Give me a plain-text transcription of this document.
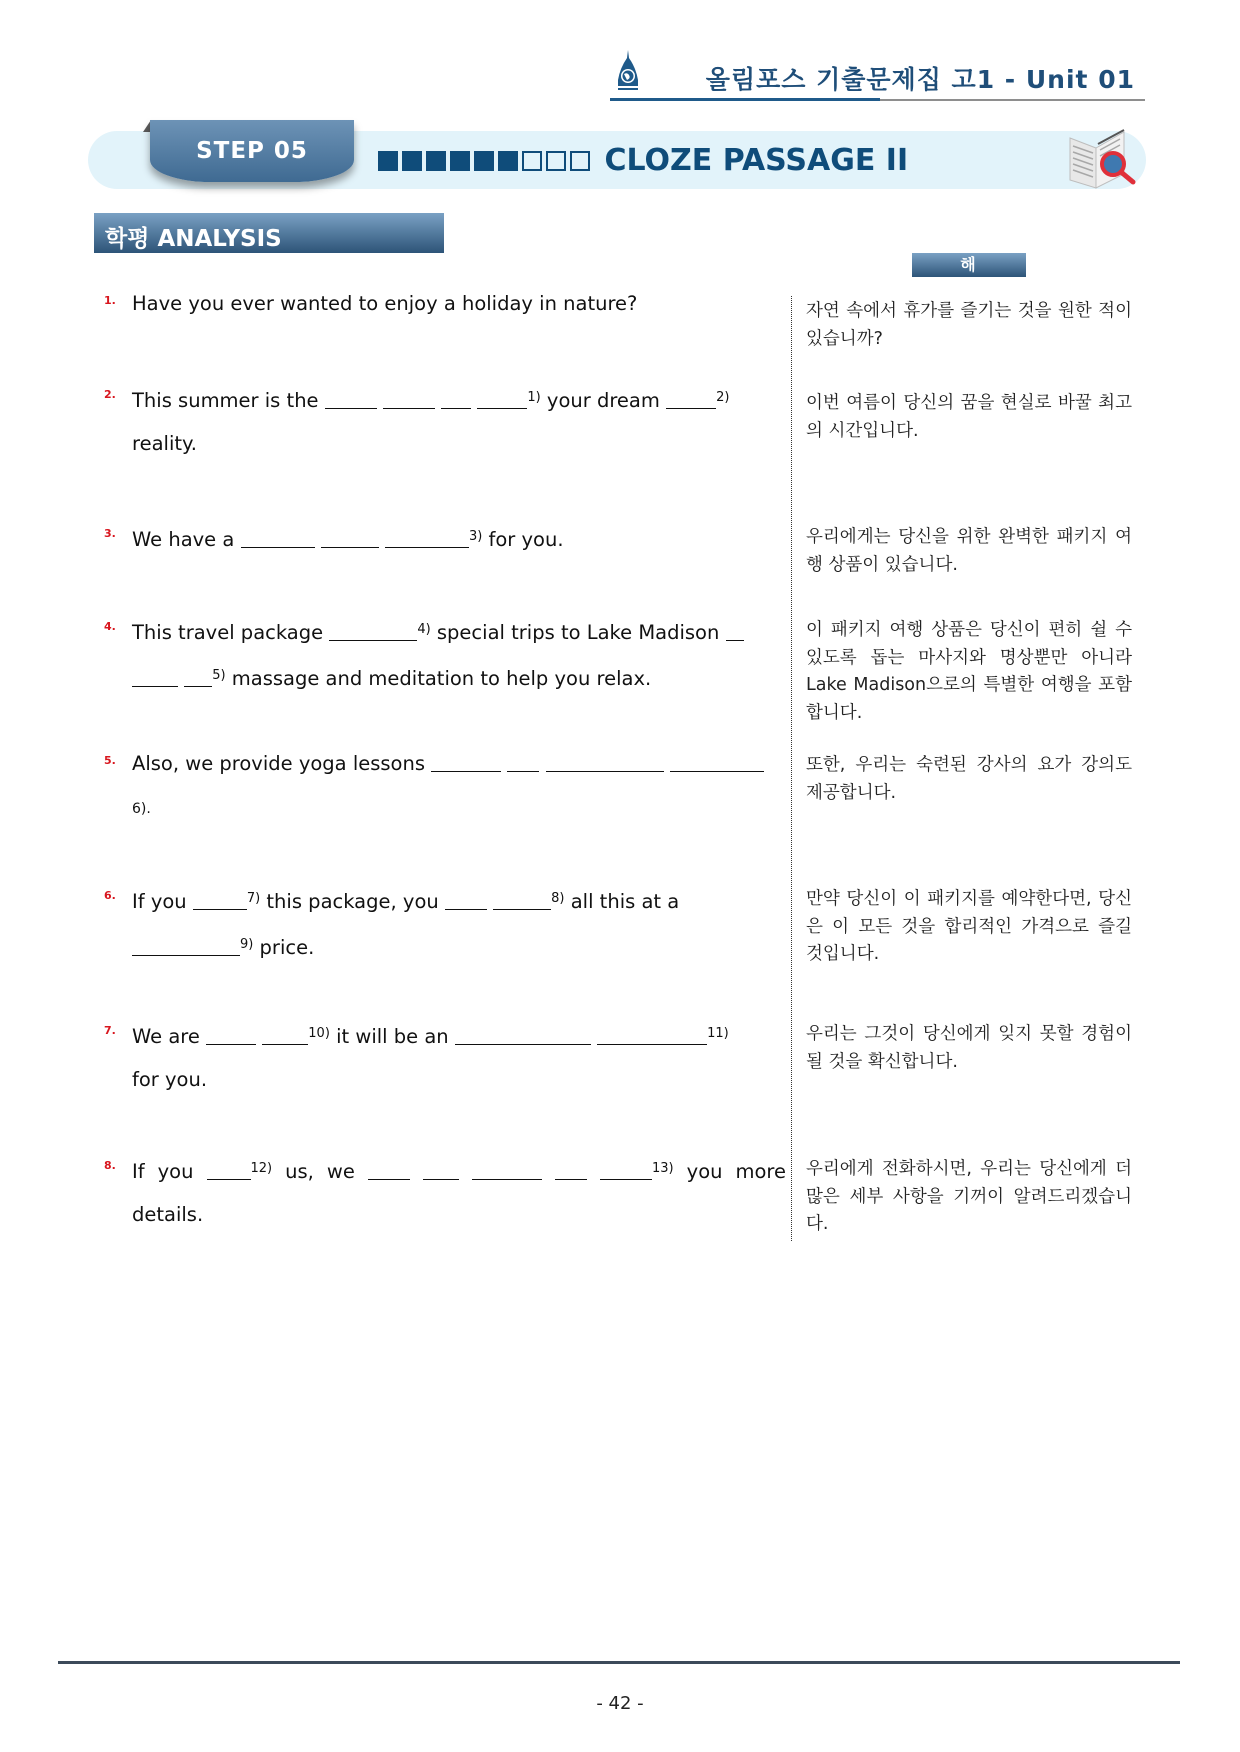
올림포스 기출문제집 고1 - Unit 01
STEP 05	CLOZE PASSAGE II
학평 ANALYSIS
해 석
1. Have you ever wanted to enjoy a holiday in nature?	자연 속에서 휴가를 즐기는 것을 원한 적이 있습니까?
2. This summer is the	$^{1)}$ your dream	$^{2)}$
reality.
이번 여름이 당신의 꿈을 현실로 바꿀 최고의 시간입니다.
3. We have a	$^{3)}$ for you.	우리에게는 당신을 위한 완벽한 패키지 여행 상품이 있습니다.
4. This travel package	$^{4)}$ special trips to Lake Madison
$^{5)}$ massage and meditation to help you relax.
이 패키지 여행 상품은 당신이 편히 쉴 수 있도록 돕는 마사지와 명상뿐만 아니라 Lake Madison으로의 특별한 여행을 포함합니다.
5. Also, we provide yoga lessons
6).
또한, 우리는 숙련된 강사의 요가 강의도 제공합니다.
6. If you	$^{7)}$ this package, you	$^{8)}$ all this at a
$^{9)}$ price.
만약 당신이 이 패키지를 예약한다면, 당신은 이 모든 것을 합리적인 가격으로 즐길 것입니다.
7. We are	$^{10)}$ it will be an	$^{11)}$
for you.
우리는 그것이 당신에게 잊지 못할 경험이 될 것을 확신합니다.
8. If you	$^{12)}$ us, we	$^{13)}$ you more details.
우리에게 전화하시면, 우리는 당신에게 더 많은 세부 사항을 기꺼이 알려드리겠습니다.
- 42 -
